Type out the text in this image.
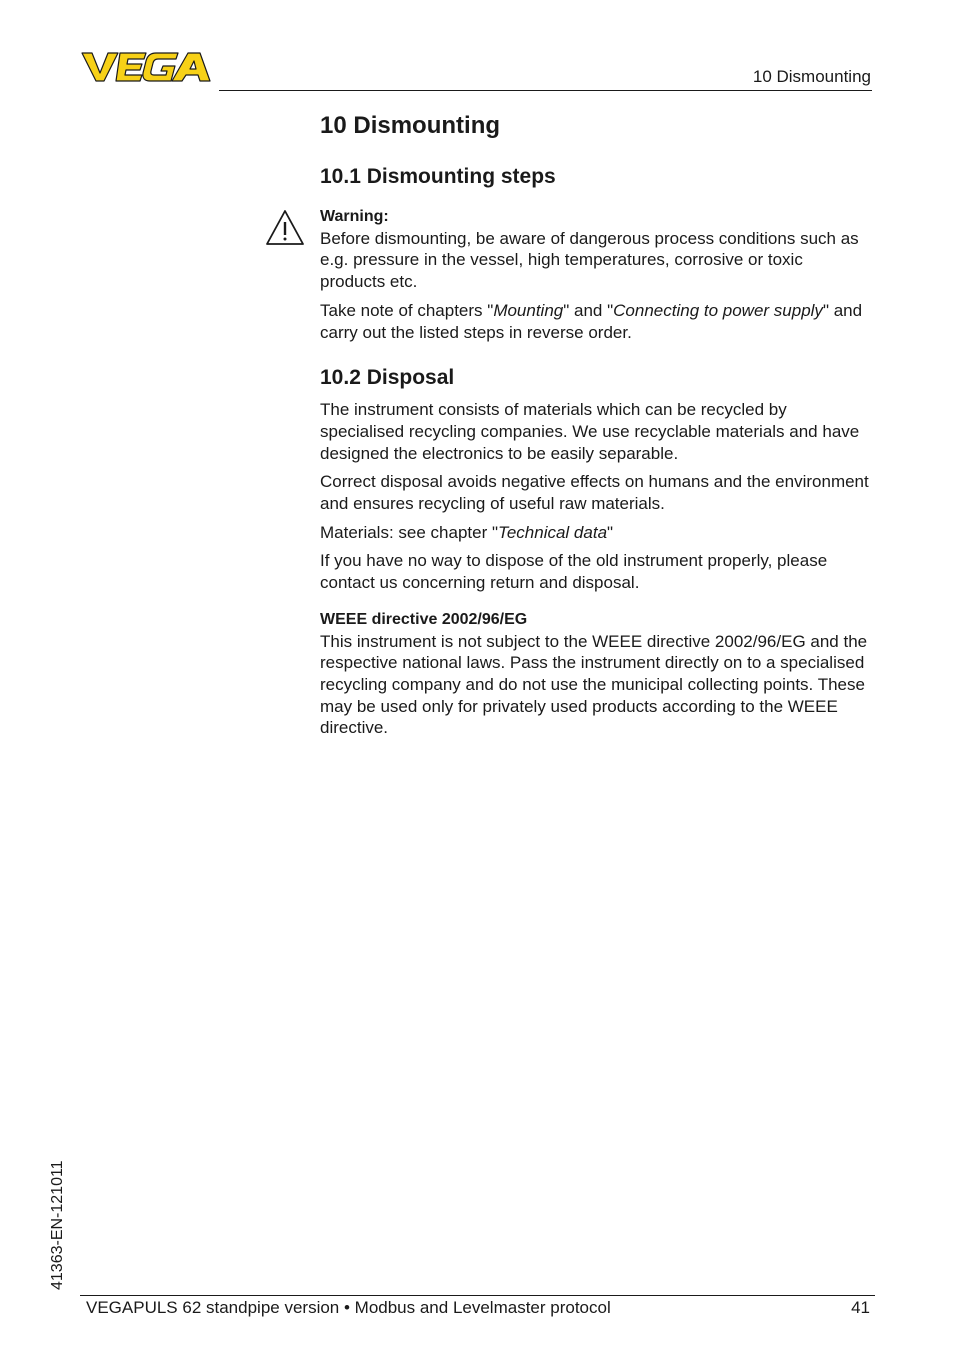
10 Dismounting
10 Dismounting
10.1 Dismounting steps
Warning:

Before dismounting, be aware of dangerous process conditions such as e.g. pressure in the vessel, high temperatures, corrosive or toxic products etc.

Take note of chapters "Mounting" and "Connecting to power supply" and carry out the listed steps in reverse order.

10.2 Disposal

The instrument consists of materials which can be recycled by specialised recycling companies. We use recyclable materials and have designed the electronics to be easily separable.

Correct disposal avoids negative effects on humans and the environment and ensures recycling of useful raw materials.

Materials: see chapter "Technical data"

If you have no way to dispose of the old instrument properly, please contact us concerning return and disposal.

WEEE directive 2002/96/EG

This instrument is not subject to the WEEE directive 2002/96/EG and the respective national laws. Pass the instrument directly on to a specialised recycling company and do not use the municipal collecting points. These may be used only for privately used products according to the WEEE directive.

41363-EN-121011
VEGAPULS 62 standpipe version • Modbus and Levelmaster protocol	41
